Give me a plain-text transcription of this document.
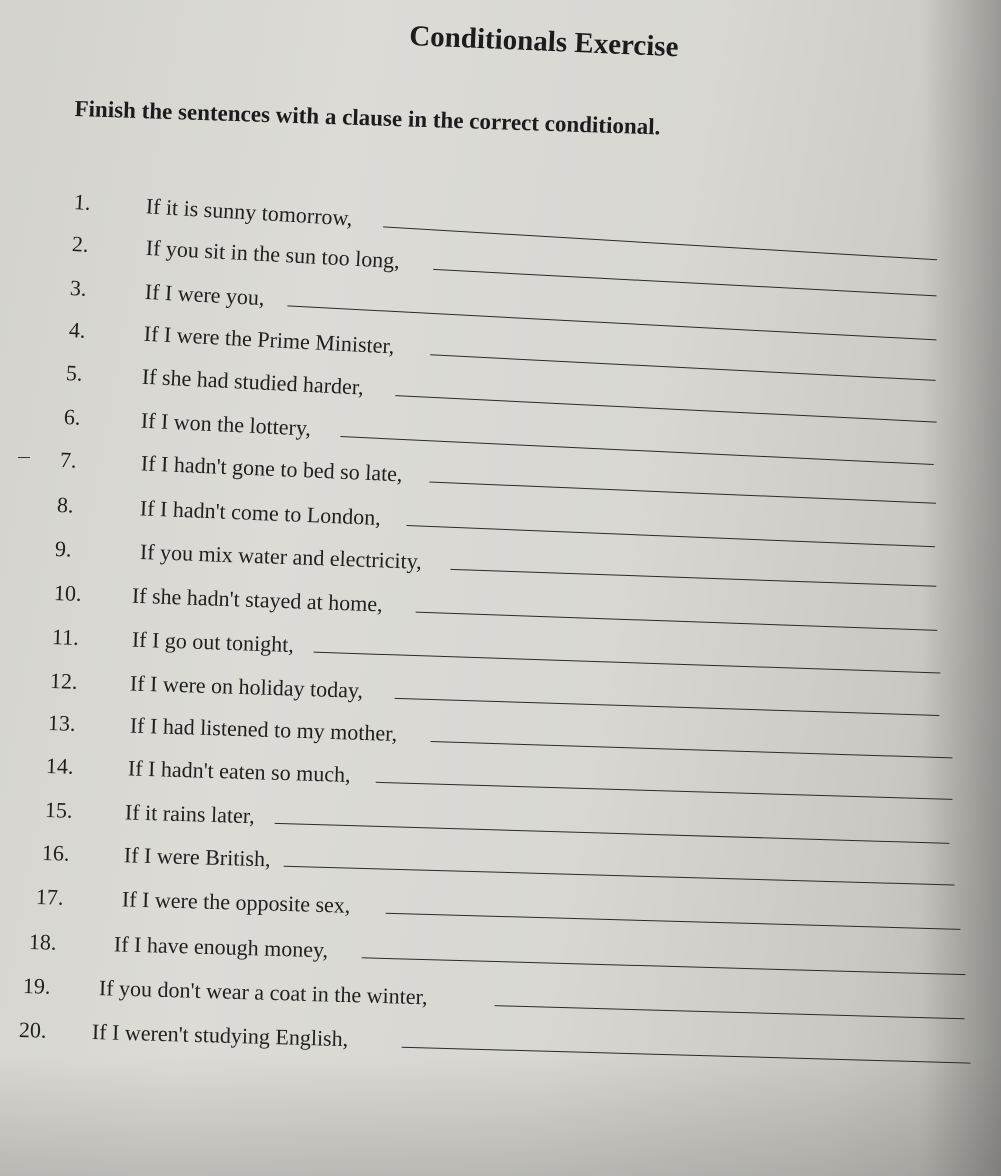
Conditionals Exercise
Finish the sentences with a clause in the correct conditional.
1. If it is sunny tomorrow,
2.	If you sit in the sun too long,
3.	If I were you,
4.	If I were the Prime Minister,
5.	If she had studied harder,
6.	If I won the lottery,
7.	If I hadn't gone to bed so late,
8.	If I hadn't come to London,
9.	If you mix water and electricity,
10. If she hadn't stayed at home,
11. If I go out tonight,
12. If I were on holiday today,
13. If I had listened to my mother,
14. If I hadn't eaten so much,
15. If it rains later,
16. If I were British,
17.	If I were the opposite sex,
18.	If I have enough money,
19. If you don't wear a coat in the winter,
20. If I weren't studying English,
